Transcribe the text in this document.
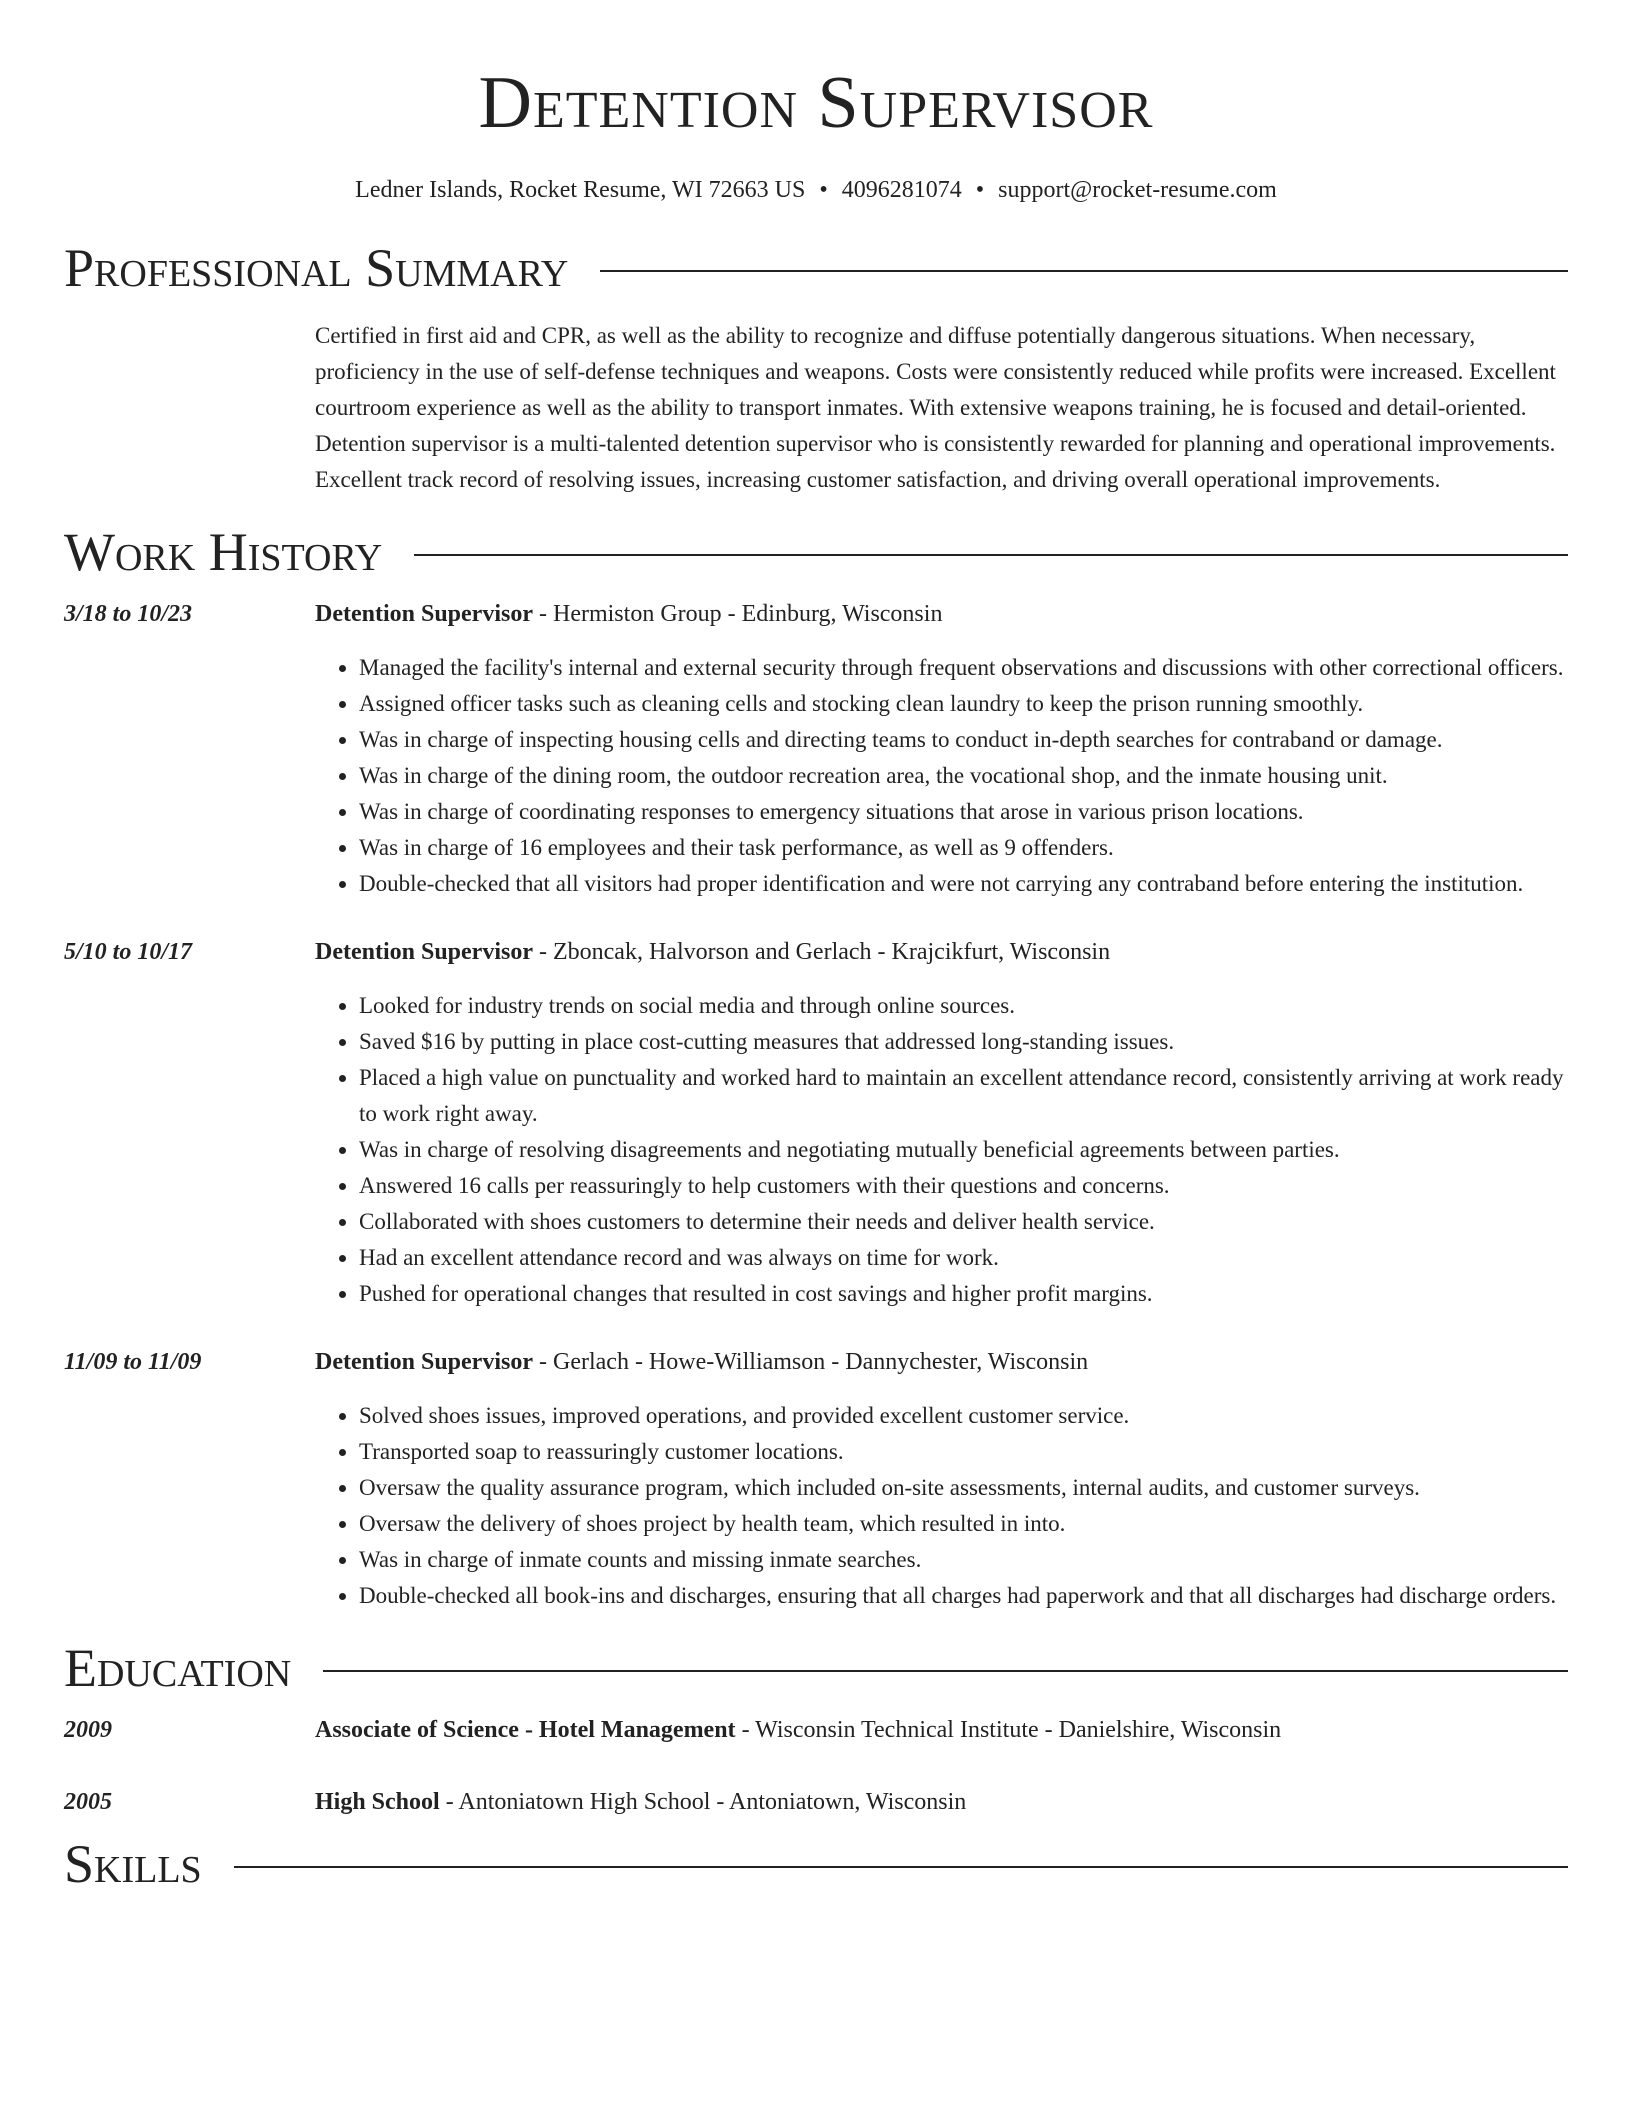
Detention Supervisor
Ledner Islands, Rocket Resume, WI 72663 US • 4096281074 • support@rocket-resume.com
Professional Summary
Certified in first aid and CPR, as well as the ability to recognize and diffuse potentially dangerous situations. When necessary, proficiency in the use of self-defense techniques and weapons. Costs were consistently reduced while profits were increased. Excellent courtroom experience as well as the ability to transport inmates. With extensive weapons training, he is focused and detail-oriented. Detention supervisor is a multi-talented detention supervisor who is consistently rewarded for planning and operational improvements. Excellent track record of resolving issues, increasing customer satisfaction, and driving overall operational improvements.
Work History
3/18 to 10/23	Detention Supervisor - Hermiston Group - Edinburg, Wisconsin
• Managed the facility's internal and external security through frequent observations and discussions with other correctional officers.
• Assigned officer tasks such as cleaning cells and stocking clean laundry to keep the prison running smoothly.
• Was in charge of inspecting housing cells and directing teams to conduct in-depth searches for contraband or damage.
• Was in charge of the dining room, the outdoor recreation area, the vocational shop, and the inmate housing unit.
• Was in charge of coordinating responses to emergency situations that arose in various prison locations.
• Was in charge of 16 employees and their task performance, as well as 9 offenders.
• Double-checked that all visitors had proper identification and were not carrying any contraband before entering the institution.
5/10 to 10/17	Detention Supervisor - Zboncak, Halvorson and Gerlach - Krajcikfurt, Wisconsin
• Looked for industry trends on social media and through online sources.
• Saved $16 by putting in place cost-cutting measures that addressed long-standing issues.
• Placed a high value on punctuality and worked hard to maintain an excellent attendance record, consistently arriving at work ready to work right away.
• Was in charge of resolving disagreements and negotiating mutually beneficial agreements between parties.
• Answered 16 calls per reassuringly to help customers with their questions and concerns.
• Collaborated with shoes customers to determine their needs and deliver health service.
• Had an excellent attendance record and was always on time for work.
• Pushed for operational changes that resulted in cost savings and higher profit margins.
11/09 to 11/09	Detention Supervisor - Gerlach - Howe-Williamson - Dannychester, Wisconsin
• Solved shoes issues, improved operations, and provided excellent customer service.
• Transported soap to reassuringly customer locations.
• Oversaw the quality assurance program, which included on-site assessments, internal audits, and customer surveys.
• Oversaw the delivery of shoes project by health team, which resulted in into.
• Was in charge of inmate counts and missing inmate searches.
• Double-checked all book-ins and discharges, ensuring that all charges had paperwork and that all discharges had discharge orders.
Education
2009	Associate of Science - Hotel Management - Wisconsin Technical Institute - Danielshire, Wisconsin
2005	High School - Antoniatown High School - Antoniatown, Wisconsin
Skills
